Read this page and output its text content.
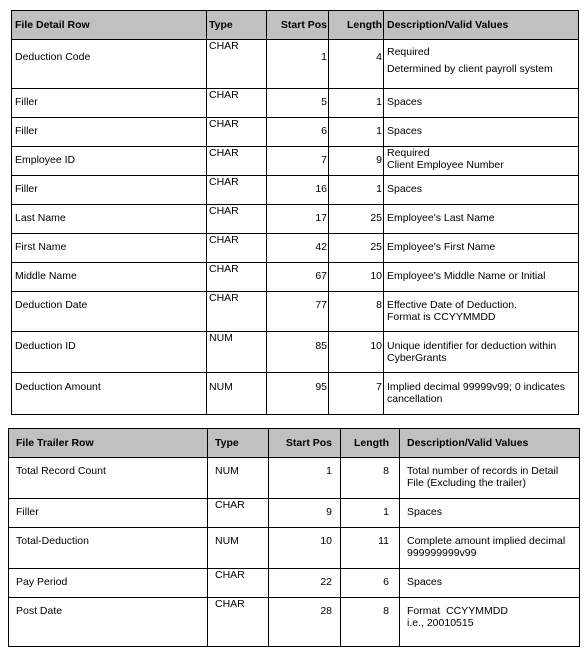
File Detail Row	Type	Start Pos	Length	Description/Valid Values
Deduction Code	CHAR	1	4	Required
Determined by client payroll system

Filler	CHAR	5	1	Spaces
Filler	CHAR	6	1	Spaces
Employee ID	CHAR	7	9	Required
Client Employee Number

Filler	CHAR	16	1	Spaces
Last Name	CHAR	17	25	Employee's Last Name
First Name	CHAR	42	25	Employee's First Name
Middle Name	CHAR	67	10	Employee's Middle Name or Initial
Deduction Date	CHAR	77	8	Effective Date of Deduction.
Format is CCYYMMDD

Deduction ID	NUM	85	10	Unique identifier for deduction within
CyberGrants

Deduction Amount	NUM	95	7	Implied decimal 99999v99; 0 indicates
cancellation
File Trailer Row	Type	Start Pos	Length	Description/Valid Values
Total Record Count	NUM	1	8	Total number of records in Detail
File (Excluding the trailer)

Filler	CHAR	9	1	Spaces
Total-Deduction	NUM	10	11	Complete amount implied decimal
999999999v99

Pay Period	CHAR	22	6	Spaces
Post Date	CHAR	28	8	Format  CCYYMMDD
i.e., 20010515
